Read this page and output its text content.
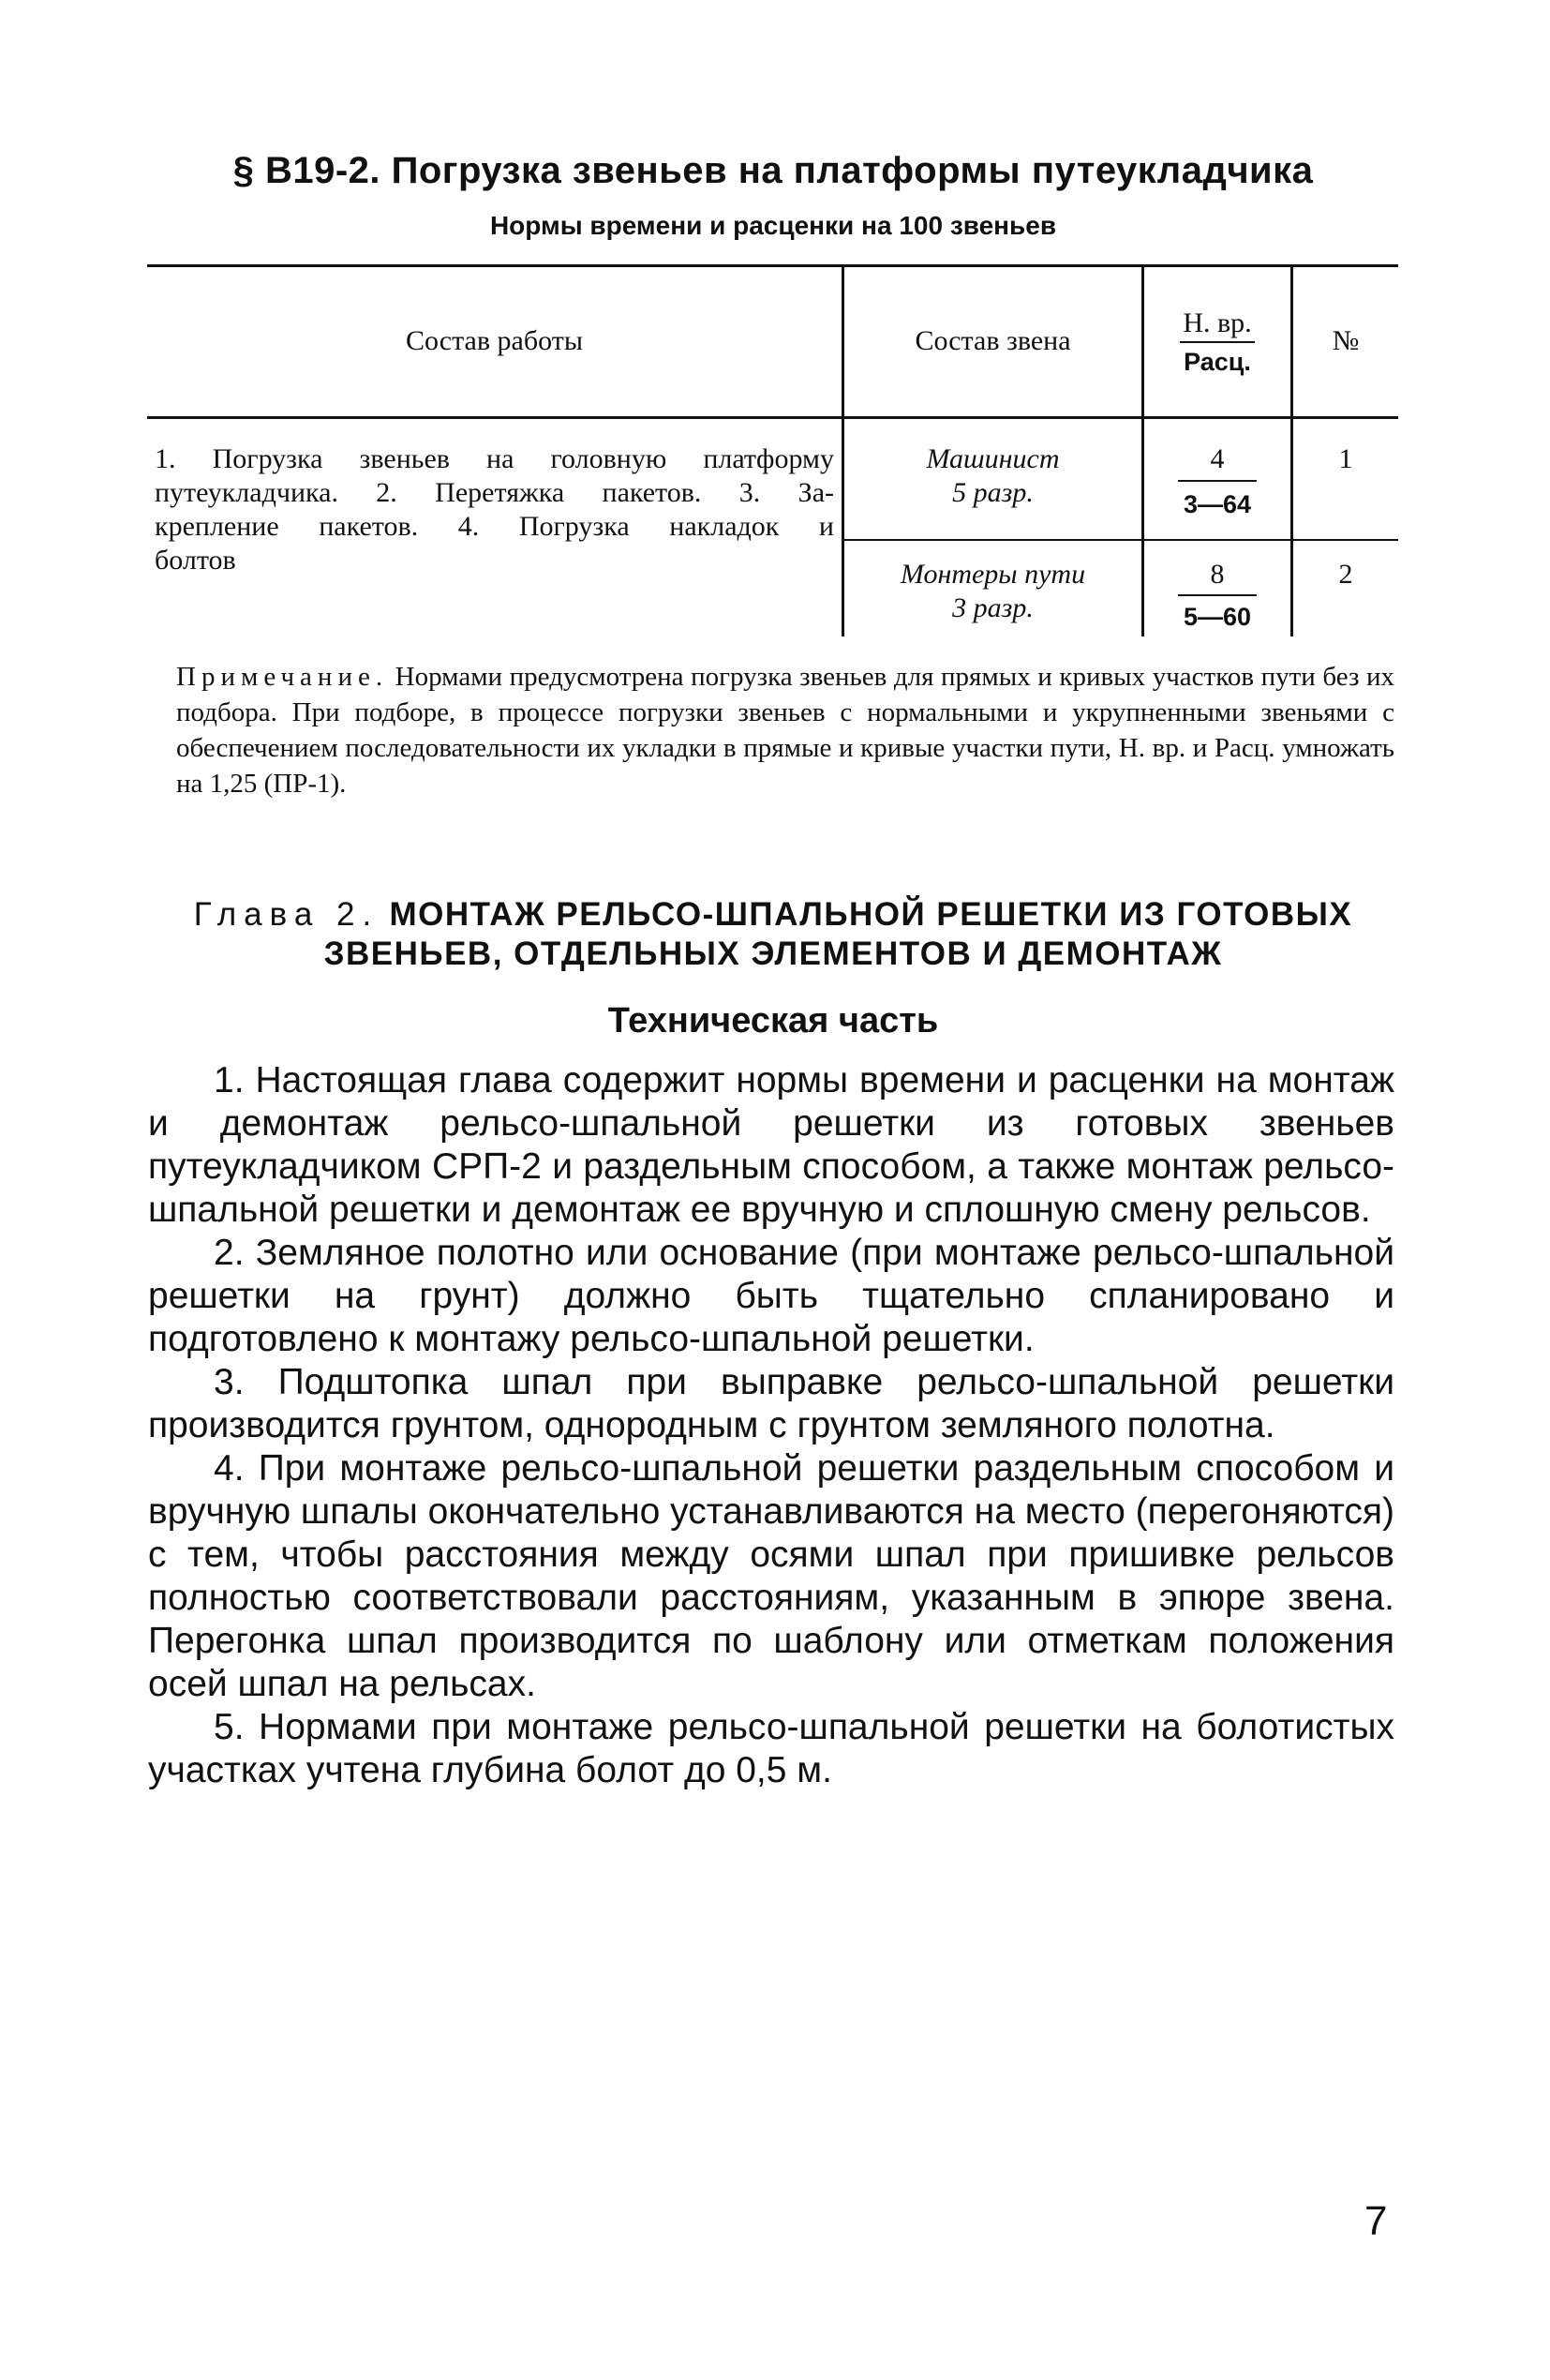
§ В19-2. Погрузка звеньев на платформы путеукладчика
Нормы времени и расценки на 100 звеньев
Состав работы	Состав звена
Н. вр.
Расц.
№
1. Погрузка звеньев на головную платформу
путеукладчика. 2. Перетяжка пакетов. 3. За-
крепление пакетов. 4. Погрузка накладок и
болтов
Машинист
5 разр.
4
3—64
1
Монтеры пути
3 разр.
8
5—60
2
Примечание. Нормами предусмотрена погрузка звеньев для прямых и кривых участков пути без их подбора. При подборе, в процессе погрузки звеньев с нормальными и укрупненными звеньями с обеспечением последовательности их укладки в прямые и кривые участки пути, Н. вр. и Расц. умножать на 1,25 (ПР-1).
Глава 2. МОНТАЖ РЕЛЬСО-ШПАЛЬНОЙ РЕШЕТКИ ИЗ ГОТОВЫХ
ЗВЕНЬЕВ, ОТДЕЛЬНЫХ ЭЛЕМЕНТОВ И ДЕМОНТАЖ
Техническая часть

1. Настоящая глава содержит нормы времени и расценки на монтаж и демонтаж рельсо-шпальной решетки из готовых звеньев путеукладчиком СРП-2 и раздельным способом, а также монтаж рельсо-шпальной решетки и демонтаж ее вручную и сплошную смену рельсов.

2. Земляное полотно или основание (при монтаже рельсо-шпальной решетки на грунт) должно быть тщательно спланировано и подготовлено к монтажу рельсо-шпальной решетки.

3. Подштопка шпал при выправке рельсо-шпальной решетки производится грунтом, однородным с грунтом земляного полотна.

4. При монтаже рельсо-шпальной решетки раздельным способом и вручную шпалы окончательно устанавливаются на место (перегоняются) с тем, чтобы расстояния между осями шпал при пришивке рельсов полностью соответствовали расстояниям, указанным в эпюре звена. Перегонка шпал производится по шаблону или отметкам положения осей шпал на рельсах.

5. Нормами при монтаже рельсо-шпальной решетки на болотистых участках учтена глубина болот до 0,5 м.

7
